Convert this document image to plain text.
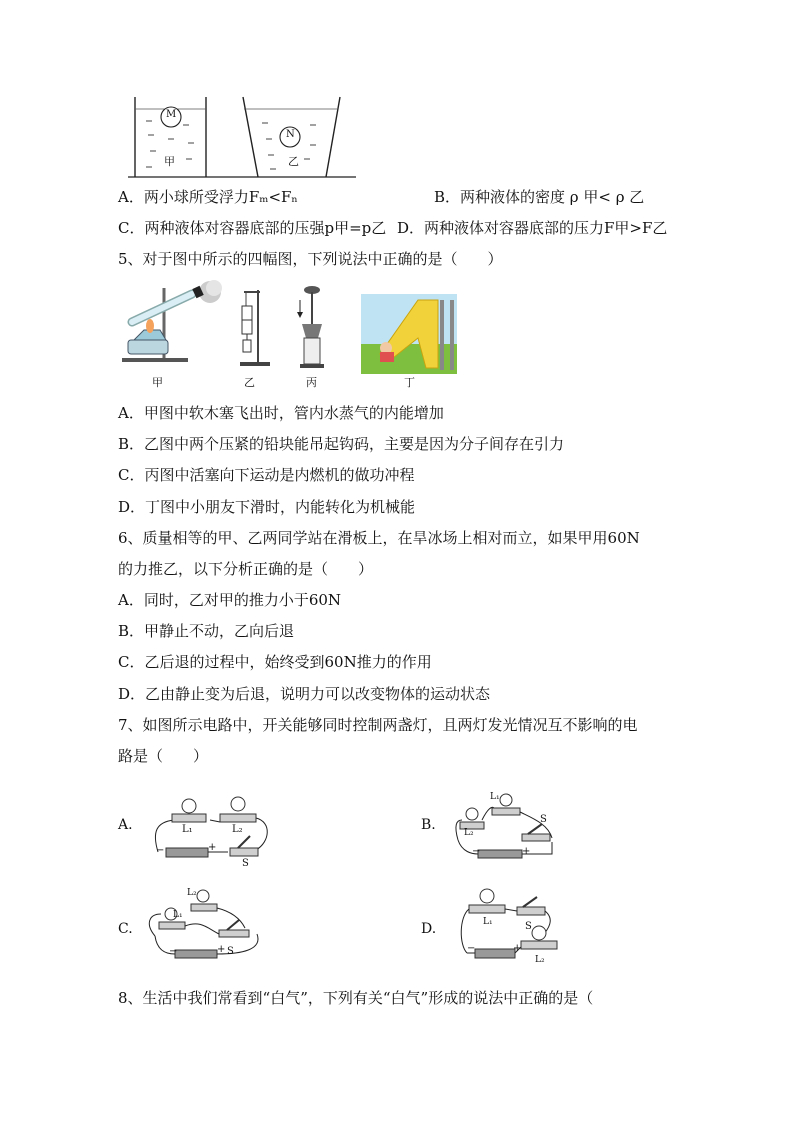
M
N
甲	乙
A．两小球所受浮力Fₘ<Fₙ	B．两种液体的密度 ρ 甲< ρ 乙
C．两种液体对容器底部的压强p甲=p乙 D．两种液体对容器底部的压力F甲>F乙
5、对于图中所示的四幅图，下列说法中正确的是（　　）
甲	乙	丙	丁
A．甲图中软木塞飞出时，管内水蒸气的内能增加
B．乙图中两个压紧的铅块能吊起钩码，主要是因为分子间存在引力
C．丙图中活塞向下运动是内燃机的做功冲程
D．丁图中小朋友下滑时，内能转化为机械能
6、质量相等的甲、乙两同学站在滑板上，在旱冰场上相对而立，如果甲用60N
的力推乙，以下分析正确的是（　　）
A．同时，乙对甲的推力小于60N
B．甲静止不动，乙向后退
C．乙后退的过程中，始终受到60N推力的作用
D．乙由静止变为后退，说明力可以改变物体的运动状态
7、如图所示电路中，开关能够同时控制两盏灯，且两灯发光情况互不影响的电
路是（　　）
A.	L₁	L₂
S
−	+
B.
L₁
L₂
S
−	+
C.
L₂
L₁
S
−	+
D.	L₁	S
L₂
−	+
8、生活中我们常看到“白气”，下列有关“白气”形成的说法中正确的是（
